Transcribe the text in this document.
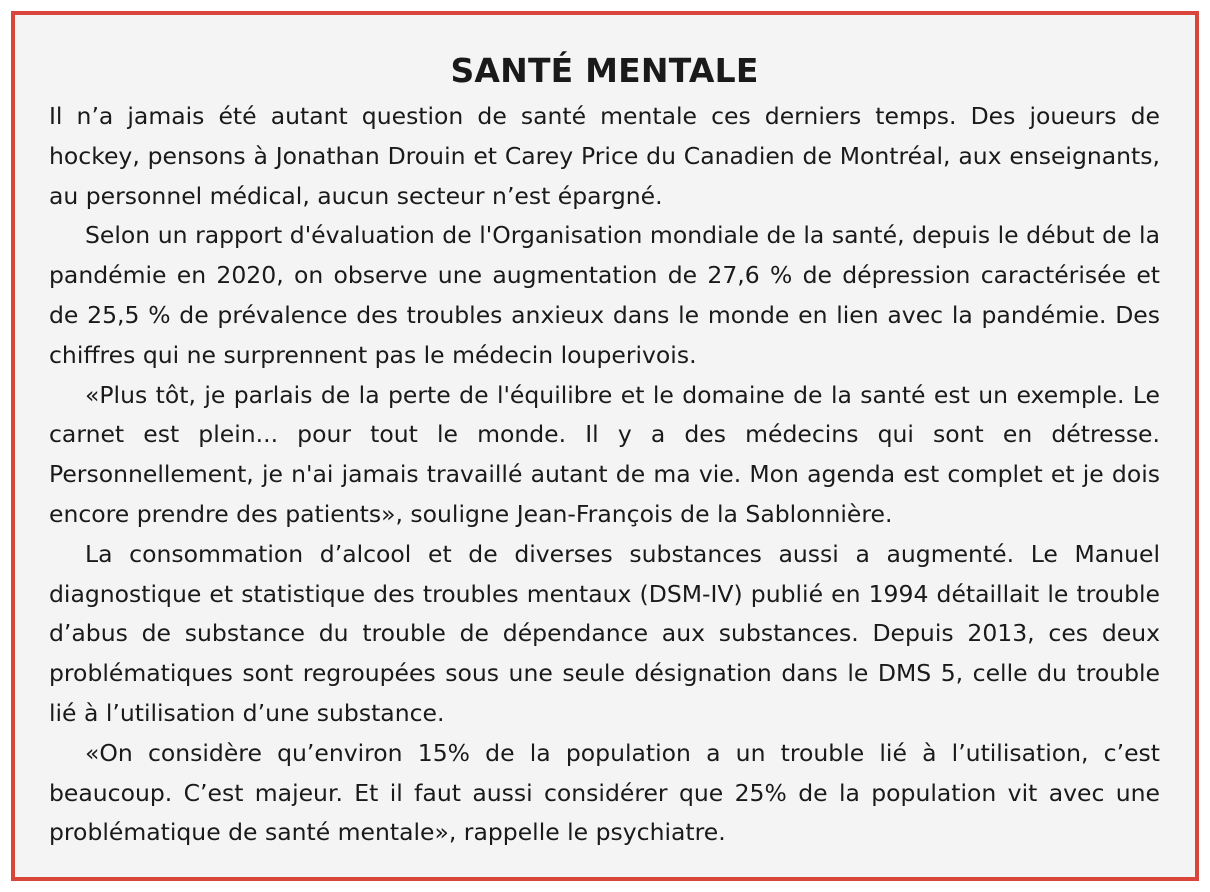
SANTÉ MENTALE

Il n’a jamais été autant question de santé mentale ces derniers temps. Des joueurs de hockey, pensons à Jonathan Drouin et Carey Price du Canadien de Montréal, aux enseignants, au personnel médical, aucun secteur n’est épargné.

Selon un rapport d'évaluation de l'Organisation mondiale de la santé, depuis le début de la pandémie en 2020, on observe une augmentation de 27,6 % de dépression caractérisée et de 25,5 % de prévalence des troubles anxieux dans le monde en lien avec la pandémie. Des chiffres qui ne surprennent pas le médecin louperivois.

«Plus tôt, je parlais de la perte de l'équilibre et le domaine de la santé est un exemple. Le carnet est plein... pour tout le monde. Il y a des médecins qui sont en détresse. Personnellement, je n'ai jamais travaillé autant de ma vie. Mon agenda est complet et je dois encore prendre des patients», souligne Jean-François de la Sablonnière.

La consommation d’alcool et de diverses substances aussi a augmenté. Le Manuel diagnostique et statistique des troubles mentaux (DSM-IV) publié en 1994 détaillait le trouble d’abus de substance du trouble de dépendance aux substances. Depuis 2013, ces deux problématiques sont regroupées sous une seule désignation dans le DMS 5, celle du trouble lié à l’utilisation d’une substance.

«On considère qu’environ 15% de la population a un trouble lié à l’utilisation, c’est beaucoup. C’est majeur. Et il faut aussi considérer que 25% de la population vit avec une problématique de santé mentale», rappelle le psychiatre.
